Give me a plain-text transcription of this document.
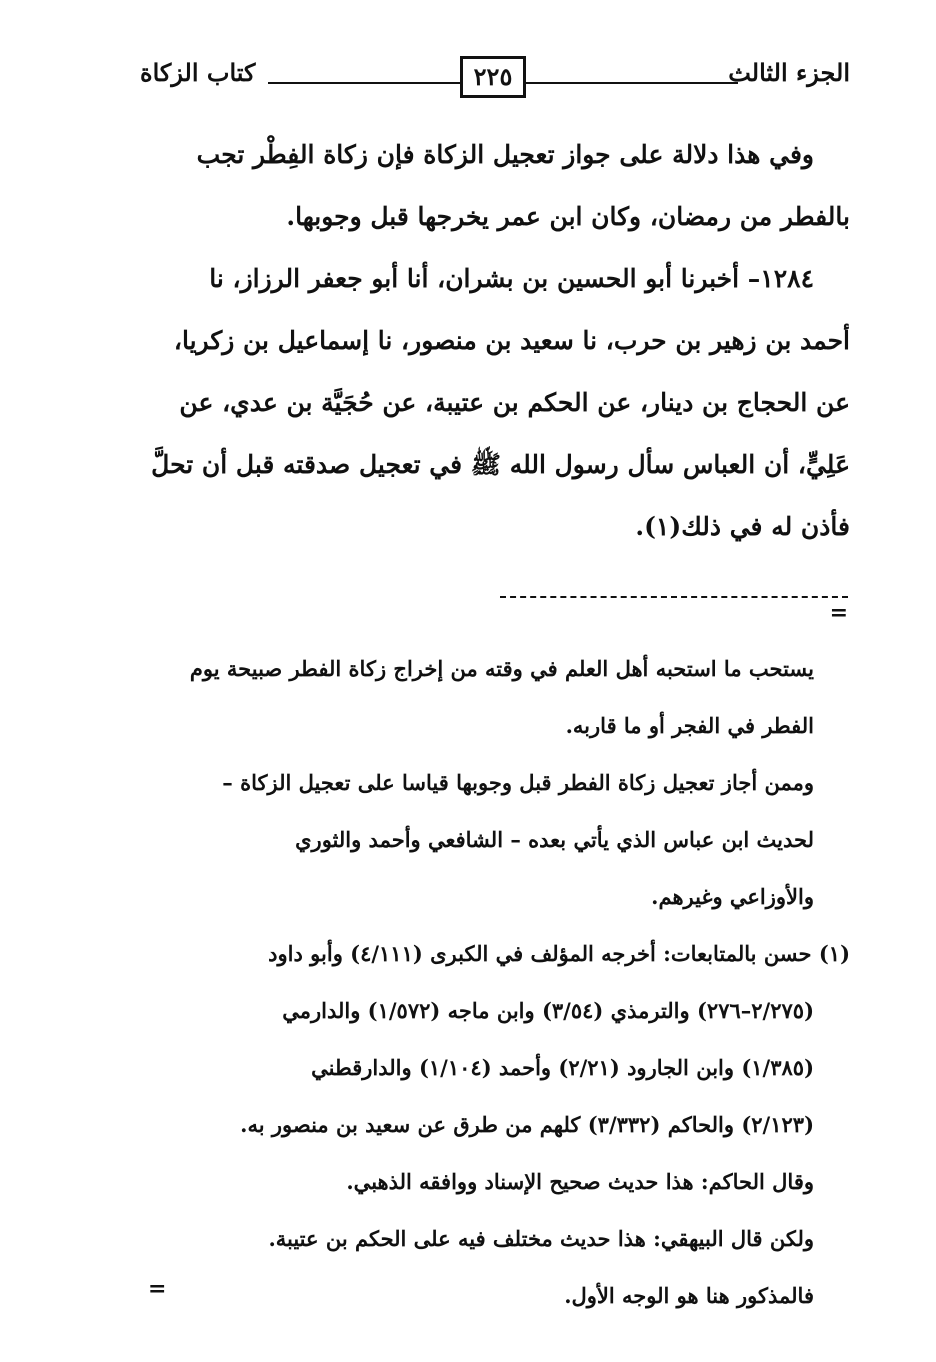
الجزء الثالث
٢٢٥
كتاب الزكاة

وفي هذا دلالة على جواز تعجيل الزكاة فإن زكاة الفِطْر تجب

بالفطر من رمضان، وكان ابن عمر يخرجها قبل وجوبها.

١٢٨٤– أخبرنا أبو الحسين بن بشران، أنا أبو جعفر الرزاز، نا

أحمد بن زهير بن حرب، نا سعيد بن منصور، نا إسماعيل بن زكريا،

عن الحجاج بن دينار، عن الحكم بن عتيبة، عن حُجَيَّة بن عدي، عن

عَلِيٍّ، أن العباس سأل رسول الله ﷺ في تعجيل صدقته قبل أن تحلَّ

فأذن له في ذلك(١).

=

يستحب ما استحبه أهل العلم في وقته من إخراج زكاة الفطر صبيحة يوم

الفطر في الفجر أو ما قاربه.

وممن أجاز تعجيل زكاة الفطر قبل وجوبها قياسا على تعجيل الزكاة –

لحديث ابن عباس الذي يأتي بعده – الشافعي وأحمد والثوري

والأوزاعي وغيرهم.

(١) حسن بالمتابعات: أخرجه المؤلف في الكبرى (٤/١١١) وأبو داود

(٢/٢٧٥–٢٧٦) والترمذي (٣/٥٤) وابن ماجه (١/٥٧٢) والدارمي

(١/٣٨٥) وابن الجارود (٢/٢١) وأحمد (١/١٠٤) والدارقطني

(٢/١٢٣) والحاكم (٣/٣٣٢) كلهم من طرق عن سعيد بن منصور به.

وقال الحاكم: هذا حديث صحيح الإسناد ووافقه الذهبي.

ولكن قال البيهقي: هذا حديث مختلف فيه على الحكم بن عتيبة.

فالمذكور هنا هو الوجه الأول.

=
